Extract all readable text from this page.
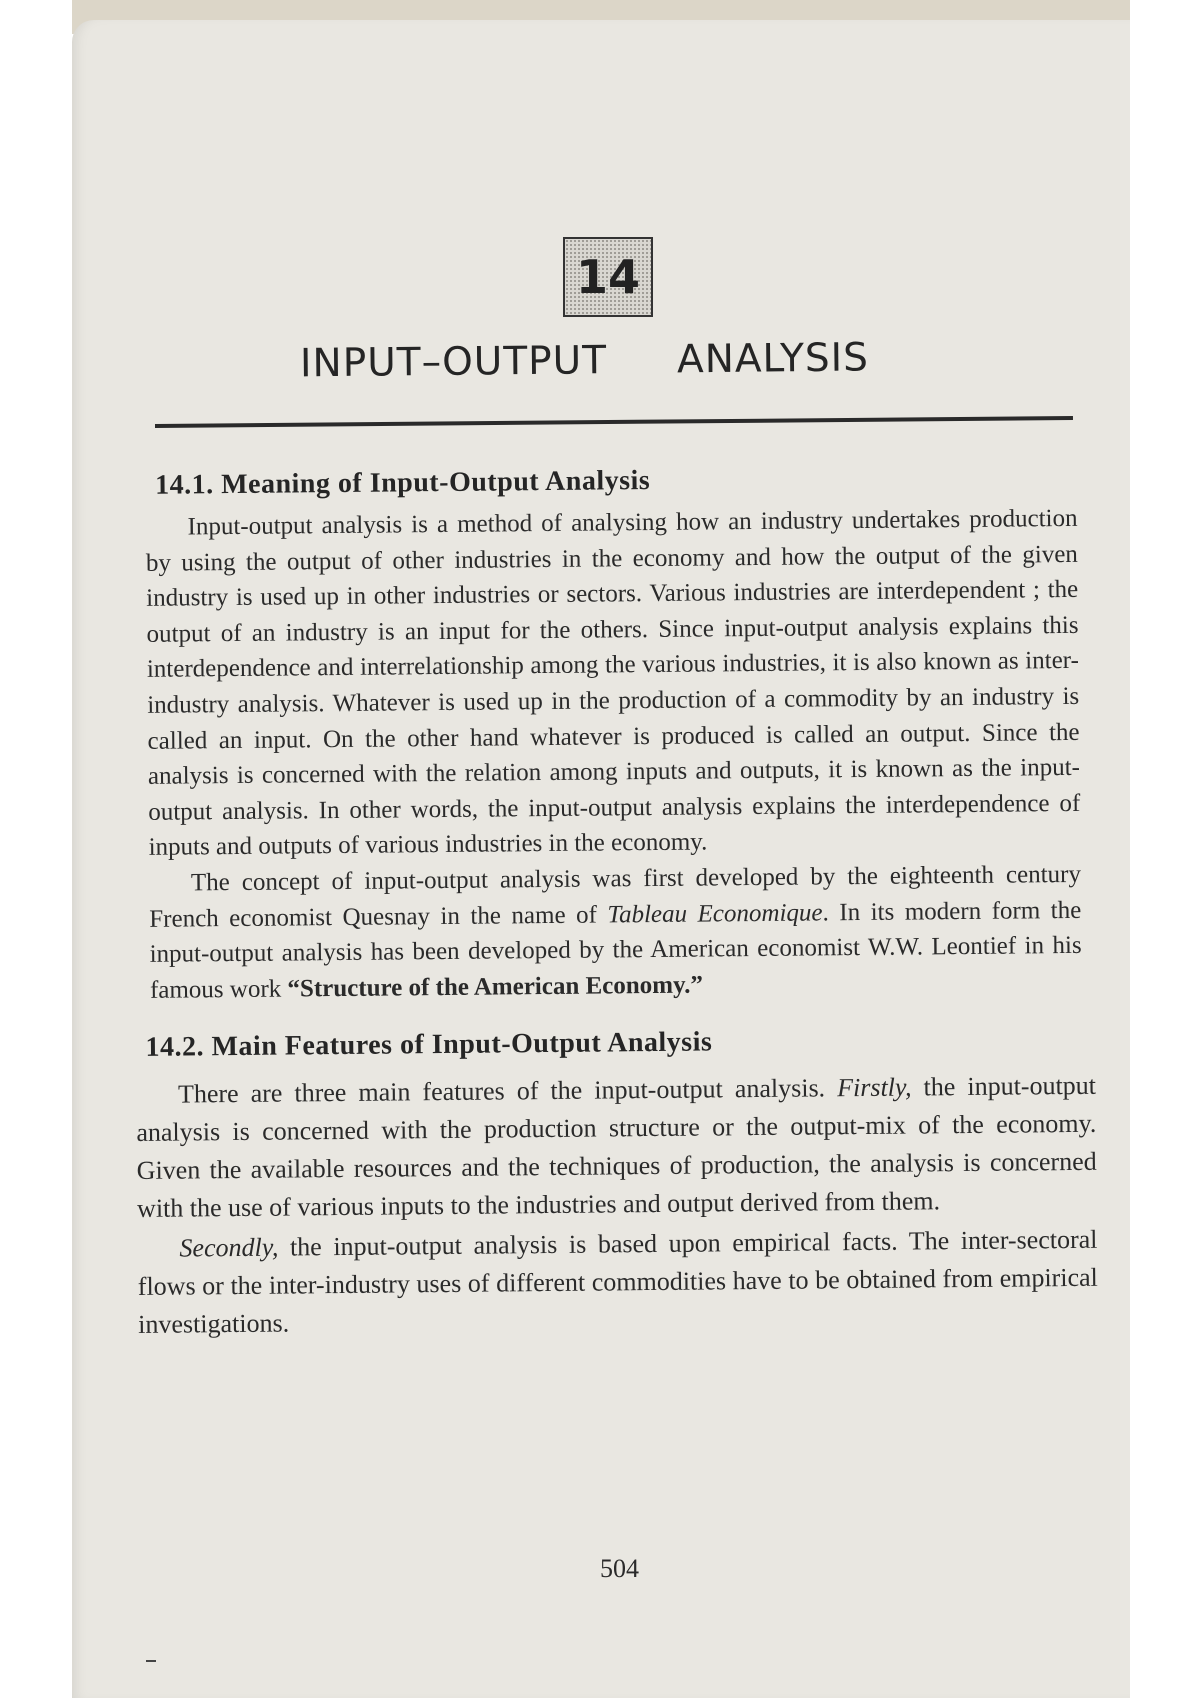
14
INPUT–OUTPUT ANALYSIS
14.1. Meaning of Input-Output Analysis

Input-output analysis is a method of analysing how an industry undertakes production by using the output of other industries in the economy and how the output of the given industry is used up in other industries or sectors. Various industries are interdependent ; the output of an industry is an input for the others. Since input-output analysis explains this interdependence and interrelationship among the various industries, it is also known as inter-industry analysis. Whatever is used up in the production of a commodity by an industry is called an input. On the other hand whatever is produced is called an output. Since the analysis is concerned with the relation among inputs and outputs, it is known as the input-output analysis. In other words, the input-output analysis explains the interdependence of inputs and outputs of various industries in the economy.

The concept of input-output analysis was first developed by the eighteenth century French economist Quesnay in the name of Tableau Economique. In its modern form the input-output analysis has been developed by the American economist W.W. Leontief in his famous work “Structure of the American Economy.”

14.2. Main Features of Input-Output Analysis

There are three main features of the input-output analysis. Firstly, the input-output analysis is concerned with the production structure or the output-mix of the economy. Given the available resources and the techniques of production, the analysis is concerned with the use of various inputs to the industries and output derived from them.

Secondly, the input-output analysis is based upon empirical facts. The inter-sectoral flows or the inter-industry uses of different commodities have to be obtained from empirical investigations.

504
